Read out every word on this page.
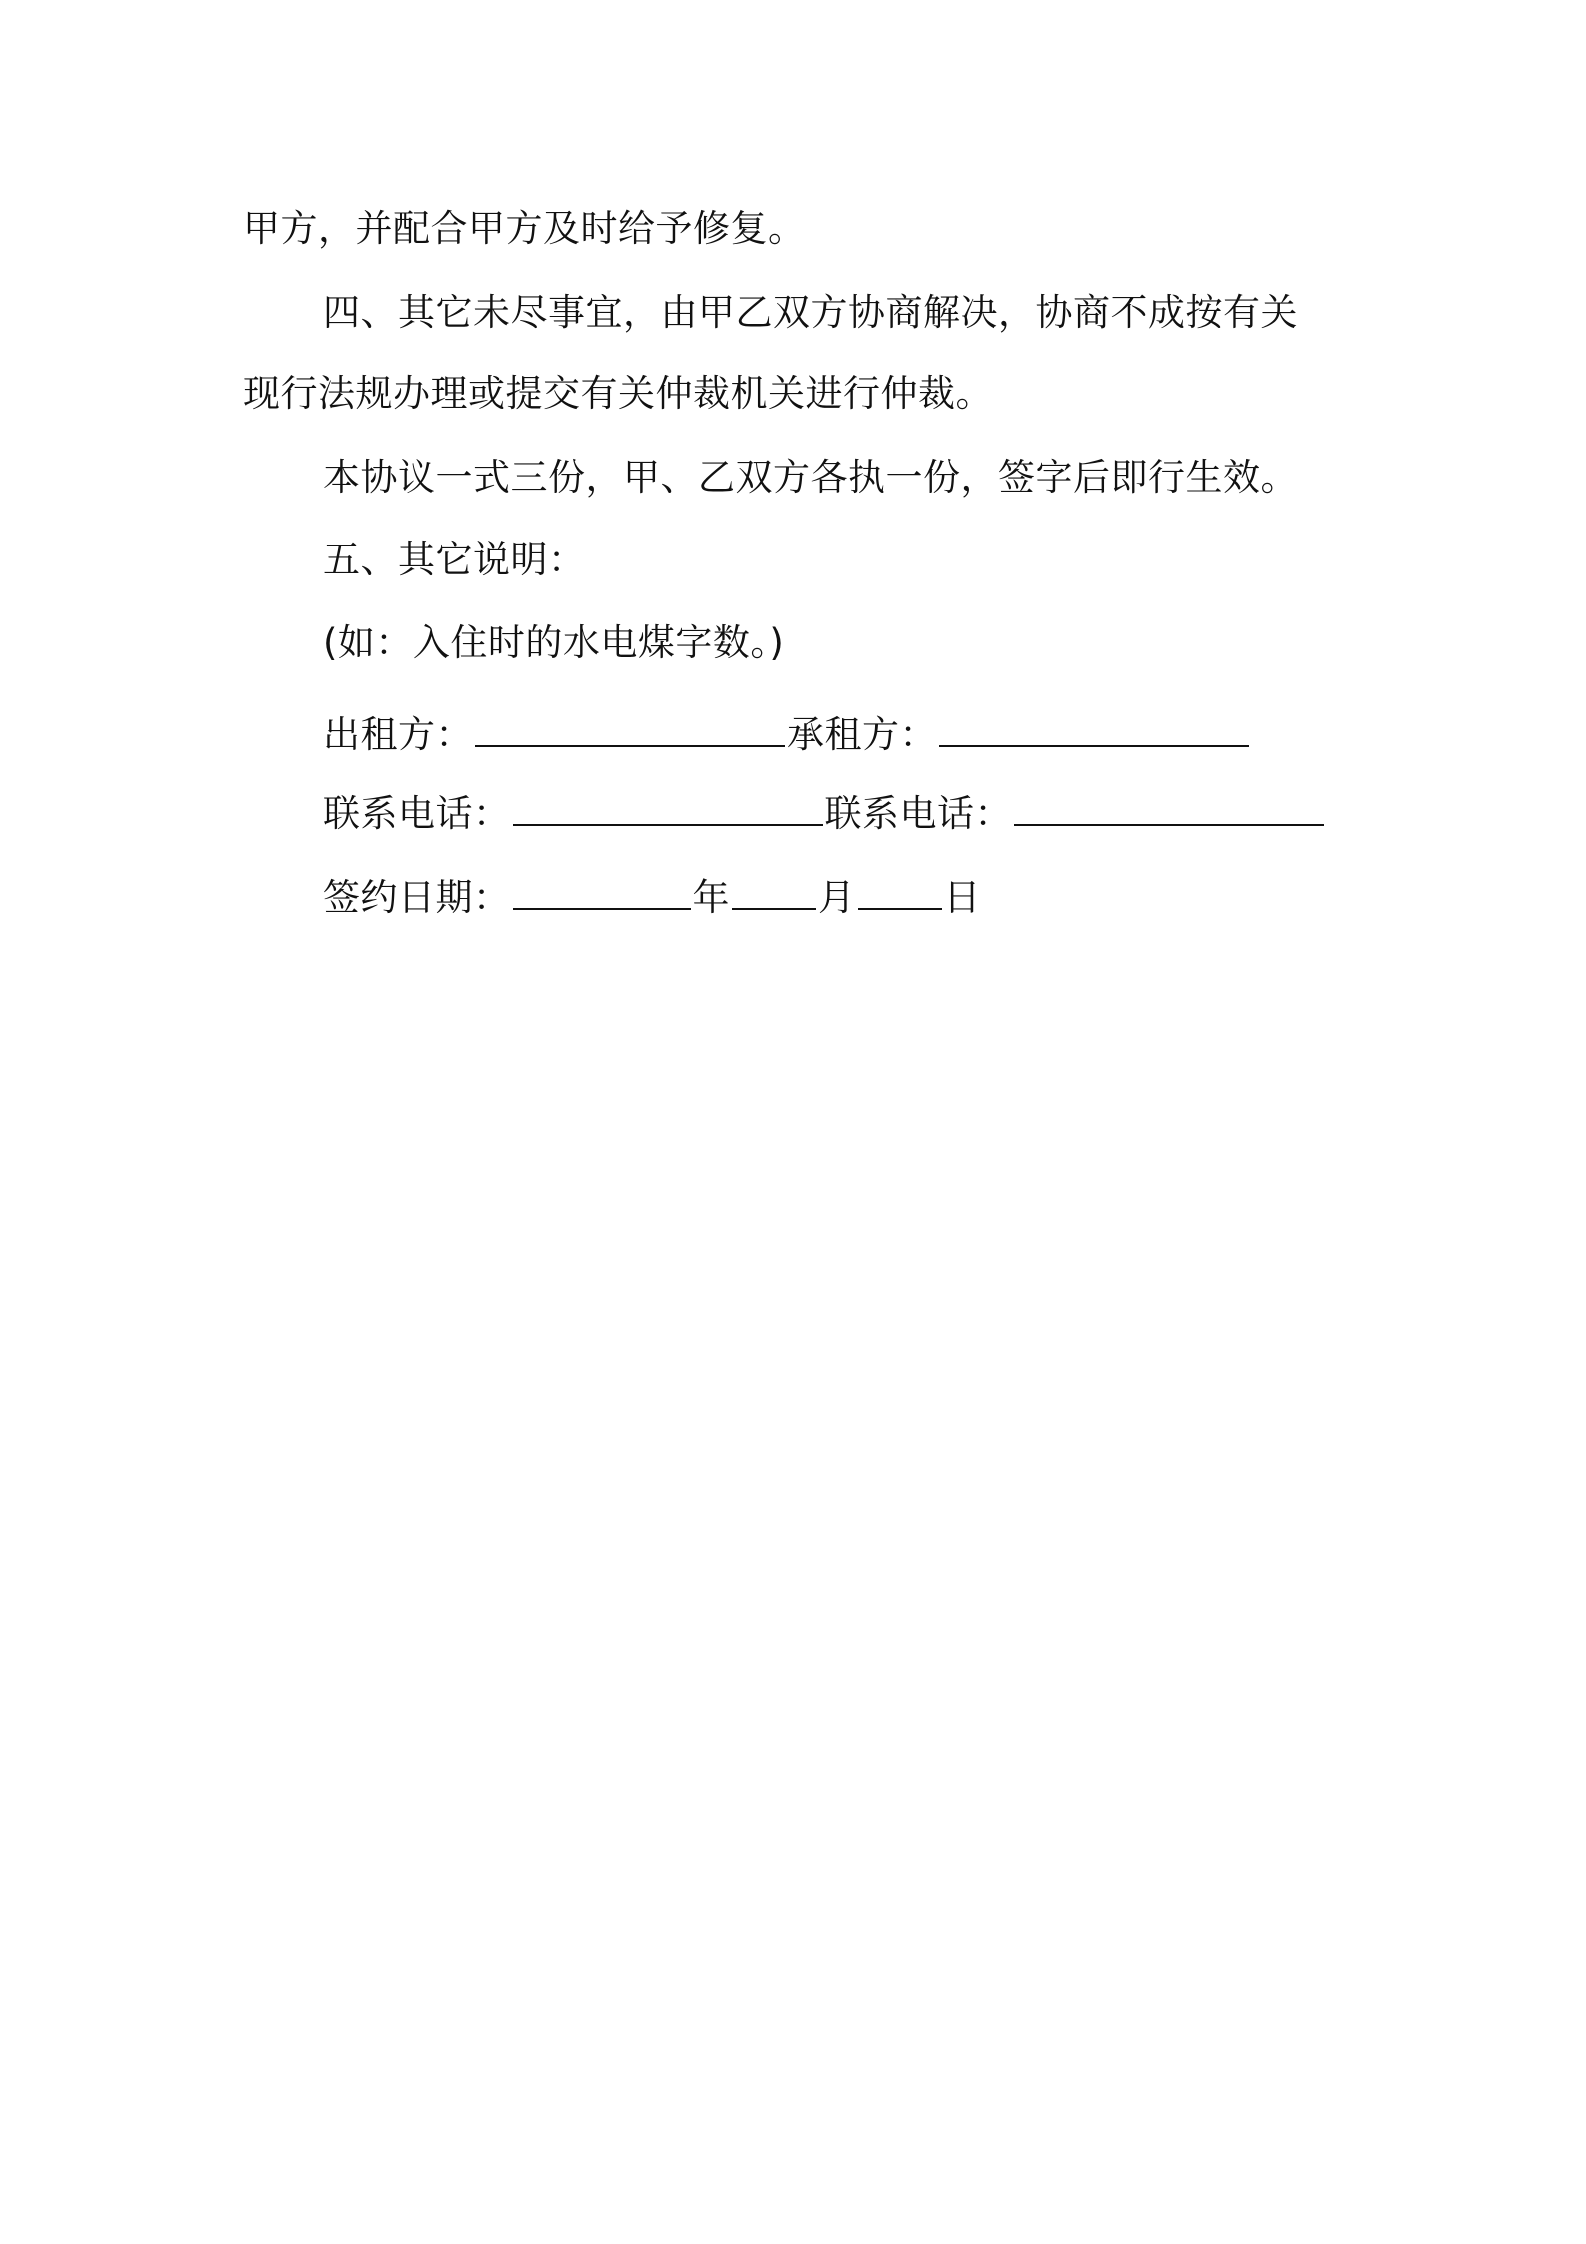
甲方，并配合甲方及时给予修复。
四、其它未尽事宜，由甲乙双方协商解决，协商不成按有关
现行法规办理或提交有关仲裁机关进行仲裁。
本协议一式三份，甲、乙双方各执一份，签字后即行生效。
五、其它说明：
(如：入住时的水电煤字数。)
出租方：	承租方：
联系电话：	联系电话：
签约日期：	年 月 日
